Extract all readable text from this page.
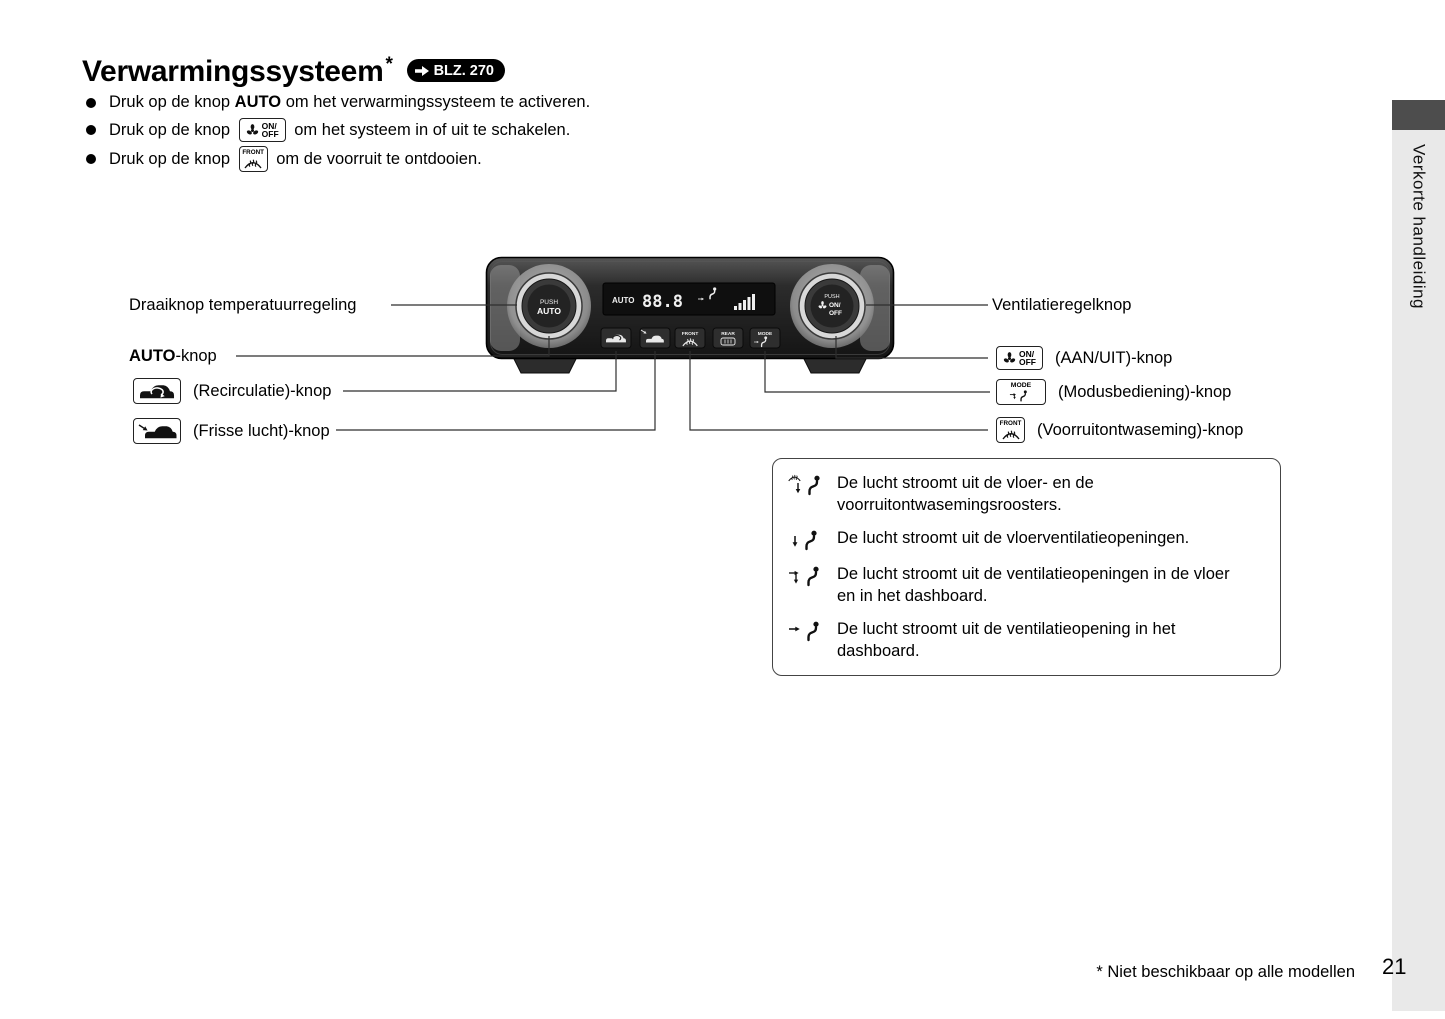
Verwarmingssysteem *	BLZ. 270
Druk op de knop AUTO om het verwarmingssysteem te activeren.
Druk op de knop	ON/
OFF om het systeem in of uit te schakelen.
Druk op de knop FRONT om de voorruit te ontdooien.
PUSH
AUTO
PUSH
ON/
OFF
AUTO 88.8
FRONT	REAR	MODE
Draaiknop temperatuurregeling
AUTO-knop
(Recirculatie)-knop
(Frisse lucht)-knop
Ventilatieregelknop
ON/
OFF (AAN/UIT)-knop
MODE (Modusbediening)-knop
FRONT (Voorruitontwaseming)-knop
De lucht stroomt uit de vloer- en de voorruitontwasemingsroosters.
De lucht stroomt uit de vloerventilatieopeningen.
De lucht stroomt uit de ventilatieopeningen in de vloer en in het dashboard.
De lucht stroomt uit de ventilatieopening in het dashboard.
Verkorte handleiding
* Niet beschikbaar op alle modellen 21
